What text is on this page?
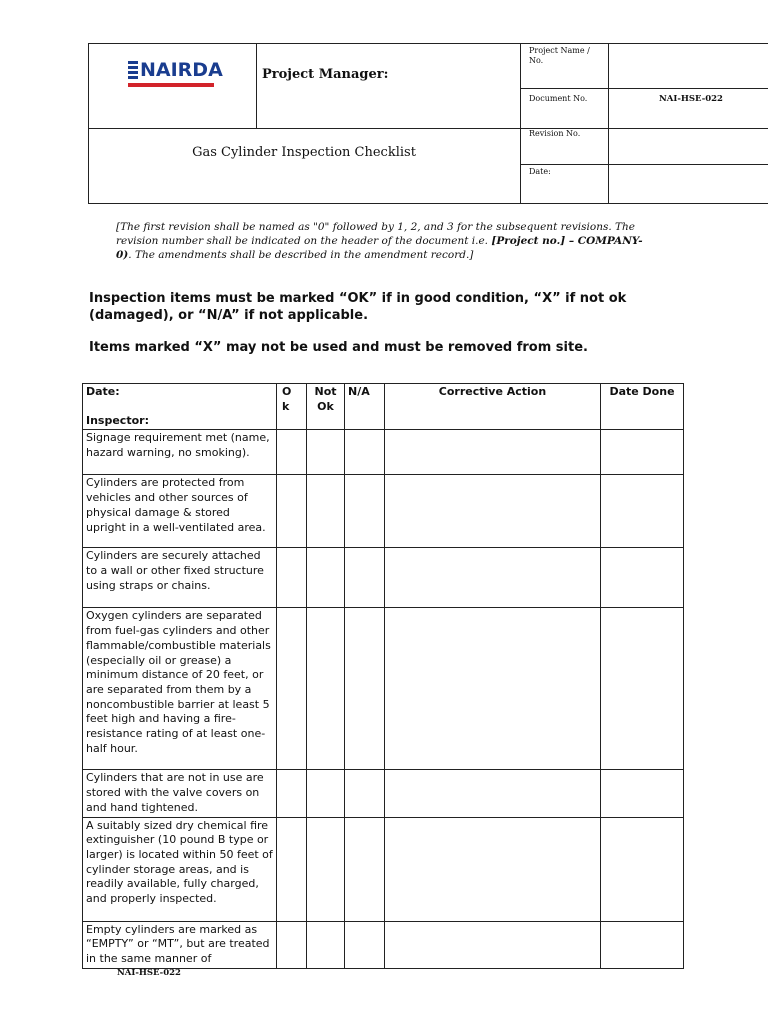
NAIRDA	Project Manager:
Project Name / No.
Document No.	NAI-HSE-022
Gas Cylinder Inspection Checklist
Revision No.
Date:
[The first revision shall be named as "0" followed by 1, 2, and 3 for the subsequent revisions. The revision number shall be indicated on the header of the document i.e. [Project no.] – COMPANY- 0). The amendments shall be described in the amendment record.]
Inspection items must be marked “OK” if in good condition, “X” if not ok (damaged), or “N/A” if not applicable.
Items marked “X” may not be used and must be removed from site.
Date:
Inspector:	O k	Not Ok	N/A	Corrective Action	Date Done
Signage requirement met (name, hazard warning, no smoking).					
Cylinders are protected from vehicles and other sources of physical damage & stored upright in a well-ventilated area.					
Cylinders are securely attached to a wall or other fixed structure using straps or chains.					
Oxygen cylinders are separated from fuel-gas cylinders and other flammable/combustible materials (especially oil or grease) a minimum distance of 20 feet, or are separated from them by a noncombustible barrier at least 5 feet high and having a fire-resistance rating of at least one-half hour.					
Cylinders that are not in use are stored with the valve covers on and hand tightened.					
A suitably sized dry chemical fire extinguisher (10 pound B type or larger) is located within 50 feet of cylinder storage areas, and is readily available, fully charged, and properly inspected.					
Empty cylinders are marked as “EMPTY” or “MT”, but are treated in the same manner of					
NAI-HSE-022
